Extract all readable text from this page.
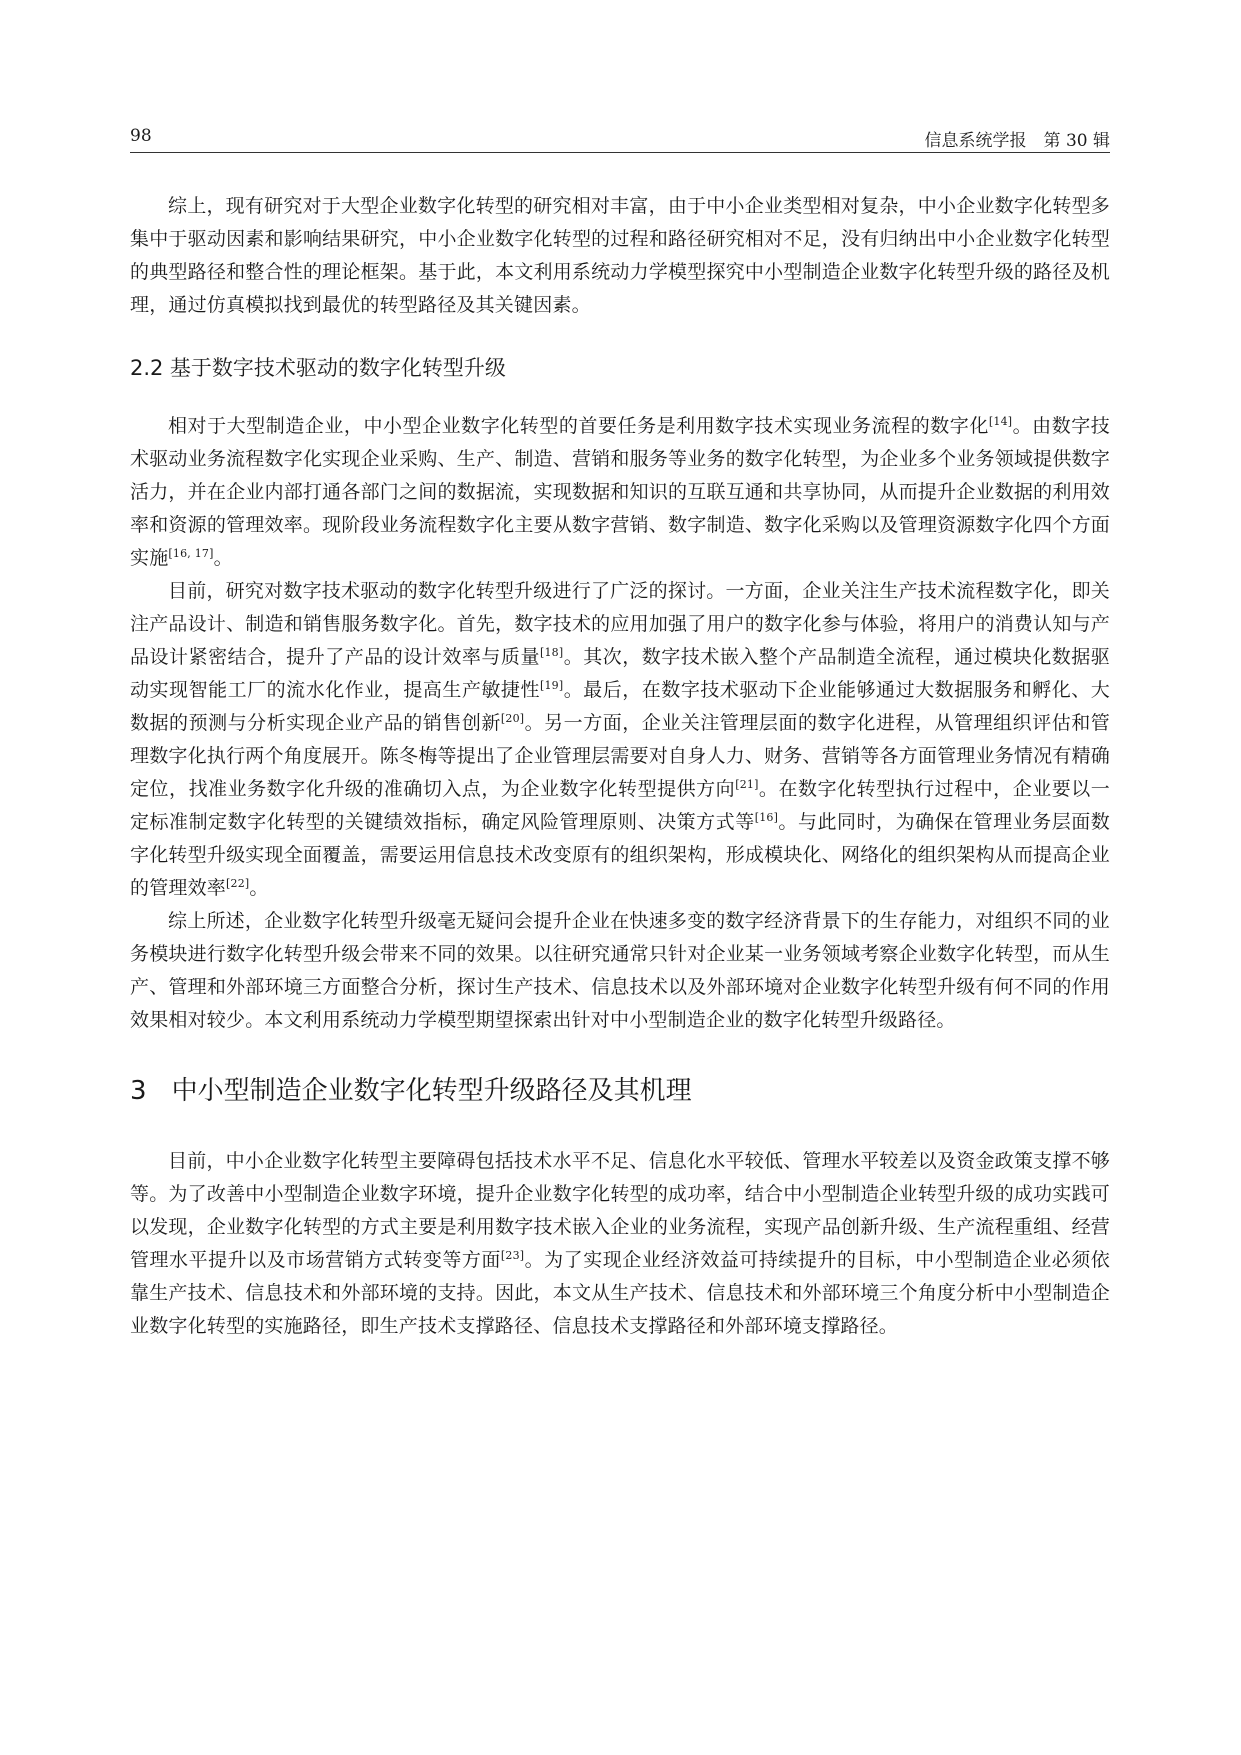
98	信息系统学报　第 30 辑

综上，现有研究对于大型企业数字化转型的研究相对丰富，由于中小企业类型相对复杂，中小企业数字化转型多集中于驱动因素和影响结果研究，中小企业数字化转型的过程和路径研究相对不足，没有归纳出中小企业数字化转型的典型路径和整合性的理论框架。基于此，本文利用系统动力学模型探究中小型制造企业数字化转型升级的路径及机理，通过仿真模拟找到最优的转型路径及其关键因素。

2.2 基于数字技术驱动的数字化转型升级

相对于大型制造企业，中小型企业数字化转型的首要任务是利用数字技术实现业务流程的数字化[14]。由数字技术驱动业务流程数字化实现企业采购、生产、制造、营销和服务等业务的数字化转型，为企业多个业务领域提供数字活力，并在企业内部打通各部门之间的数据流，实现数据和知识的互联互通和共享协同，从而提升企业数据的利用效率和资源的管理效率。现阶段业务流程数字化主要从数字营销、数字制造、数字化采购以及管理资源数字化四个方面实施[16, 17]。

目前，研究对数字技术驱动的数字化转型升级进行了广泛的探讨。一方面，企业关注生产技术流程数字化，即关注产品设计、制造和销售服务数字化。首先，数字技术的应用加强了用户的数字化参与体验，将用户的消费认知与产品设计紧密结合，提升了产品的设计效率与质量[18]。其次，数字技术嵌入整个产品制造全流程，通过模块化数据驱动实现智能工厂的流水化作业，提高生产敏捷性[19]。最后，在数字技术驱动下企业能够通过大数据服务和孵化、大数据的预测与分析实现企业产品的销售创新[20]。另一方面，企业关注管理层面的数字化进程，从管理组织评估和管理数字化执行两个角度展开。陈冬梅等提出了企业管理层需要对自身人力、财务、营销等各方面管理业务情况有精确定位，找准业务数字化升级的准确切入点，为企业数字化转型提供方向[21]。在数字化转型执行过程中，企业要以一定标准制定数字化转型的关键绩效指标，确定风险管理原则、决策方式等[16]。与此同时，为确保在管理业务层面数字化转型升级实现全面覆盖，需要运用信息技术改变原有的组织架构，形成模块化、网络化的组织架构从而提高企业的管理效率[22]。

综上所述，企业数字化转型升级毫无疑问会提升企业在快速多变的数字经济背景下的生存能力，对组织不同的业务模块进行数字化转型升级会带来不同的效果。以往研究通常只针对企业某一业务领域考察企业数字化转型，而从生产、管理和外部环境三方面整合分析，探讨生产技术、信息技术以及外部环境对企业数字化转型升级有何不同的作用效果相对较少。本文利用系统动力学模型期望探索出针对中小型制造企业的数字化转型升级路径。

3 中小型制造企业数字化转型升级路径及其机理

目前，中小企业数字化转型主要障碍包括技术水平不足、信息化水平较低、管理水平较差以及资金政策支撑不够等。为了改善中小型制造企业数字环境，提升企业数字化转型的成功率，结合中小型制造企业转型升级的成功实践可以发现，企业数字化转型的方式主要是利用数字技术嵌入企业的业务流程，实现产品创新升级、生产流程重组、经营管理水平提升以及市场营销方式转变等方面[23]。为了实现企业经济效益可持续提升的目标，中小型制造企业必须依靠生产技术、信息技术和外部环境的支持。因此，本文从生产技术、信息技术和外部环境三个角度分析中小型制造企业数字化转型的实施路径，即生产技术支撑路径、信息技术支撑路径和外部环境支撑路径。
